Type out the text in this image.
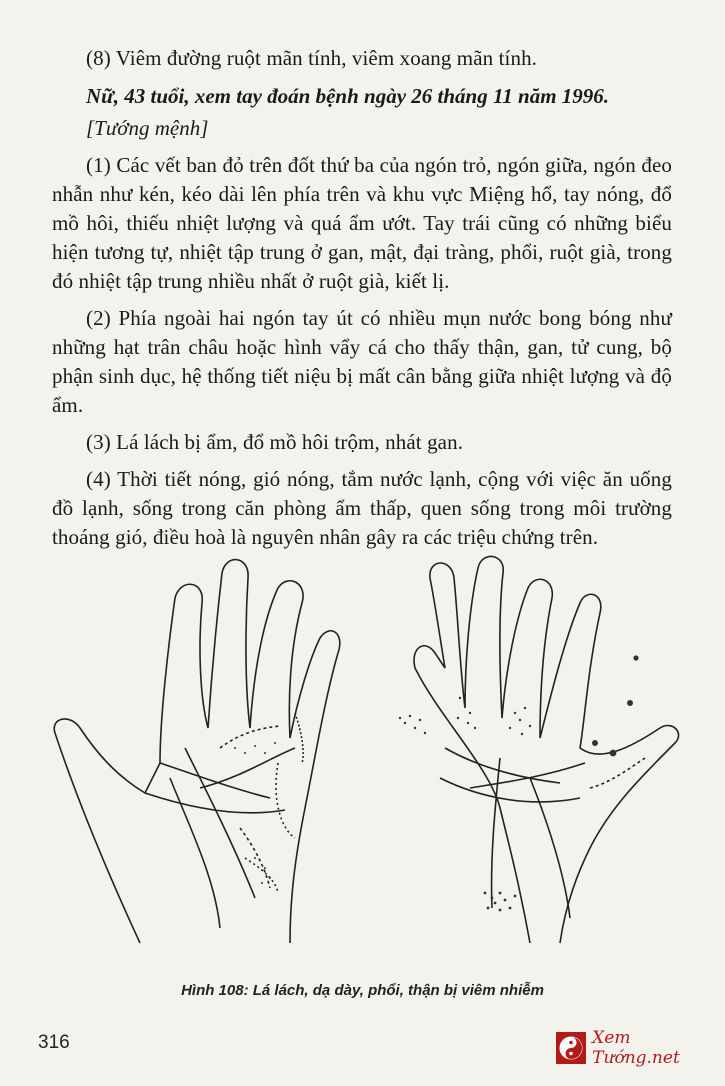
(8) Viêm đường ruột mãn tính, viêm xoang mãn tính.

Nữ, 43 tuổi, xem tay đoán bệnh ngày 26 tháng 11 năm 1996.

[Tướng mệnh]

(1) Các vết ban đỏ trên đốt thứ ba của ngón trỏ, ngón giữa, ngón đeo nhẫn như kén, kéo dài lên phía trên và khu vực Miệng hổ, tay nóng, đổ mồ hôi, thiếu nhiệt lượng và quá ẩm ướt. Tay trái cũng có những biểu hiện tương tự, nhiệt tập trung ở gan, mật, đại tràng, phổi, ruột già, trong đó nhiệt tập trung nhiều nhất ở ruột già, kiết lị.

(2) Phía ngoài hai ngón tay út có nhiều mụn nước bong bóng như những hạt trân châu hoặc hình vẩy cá cho thấy thận, gan, tử cung, bộ phận sinh dục, hệ thống tiết niệu bị mất cân bằng giữa nhiệt lượng và độ ẩm.

(3) Lá lách bị ẩm, đổ mồ hôi trộm, nhát gan.

(4) Thời tiết nóng, gió nóng, tắm nước lạnh, cộng với việc ăn uống đồ lạnh, sống trong căn phòng ẩm thấp, quen sống trong môi trường thoáng gió, điều hoà là nguyên nhân gây ra các triệu chứng trên.

Hình 108: Lá lách, dạ dày, phổi, thận bị viêm nhiễm
316	Xem Tướng.net
